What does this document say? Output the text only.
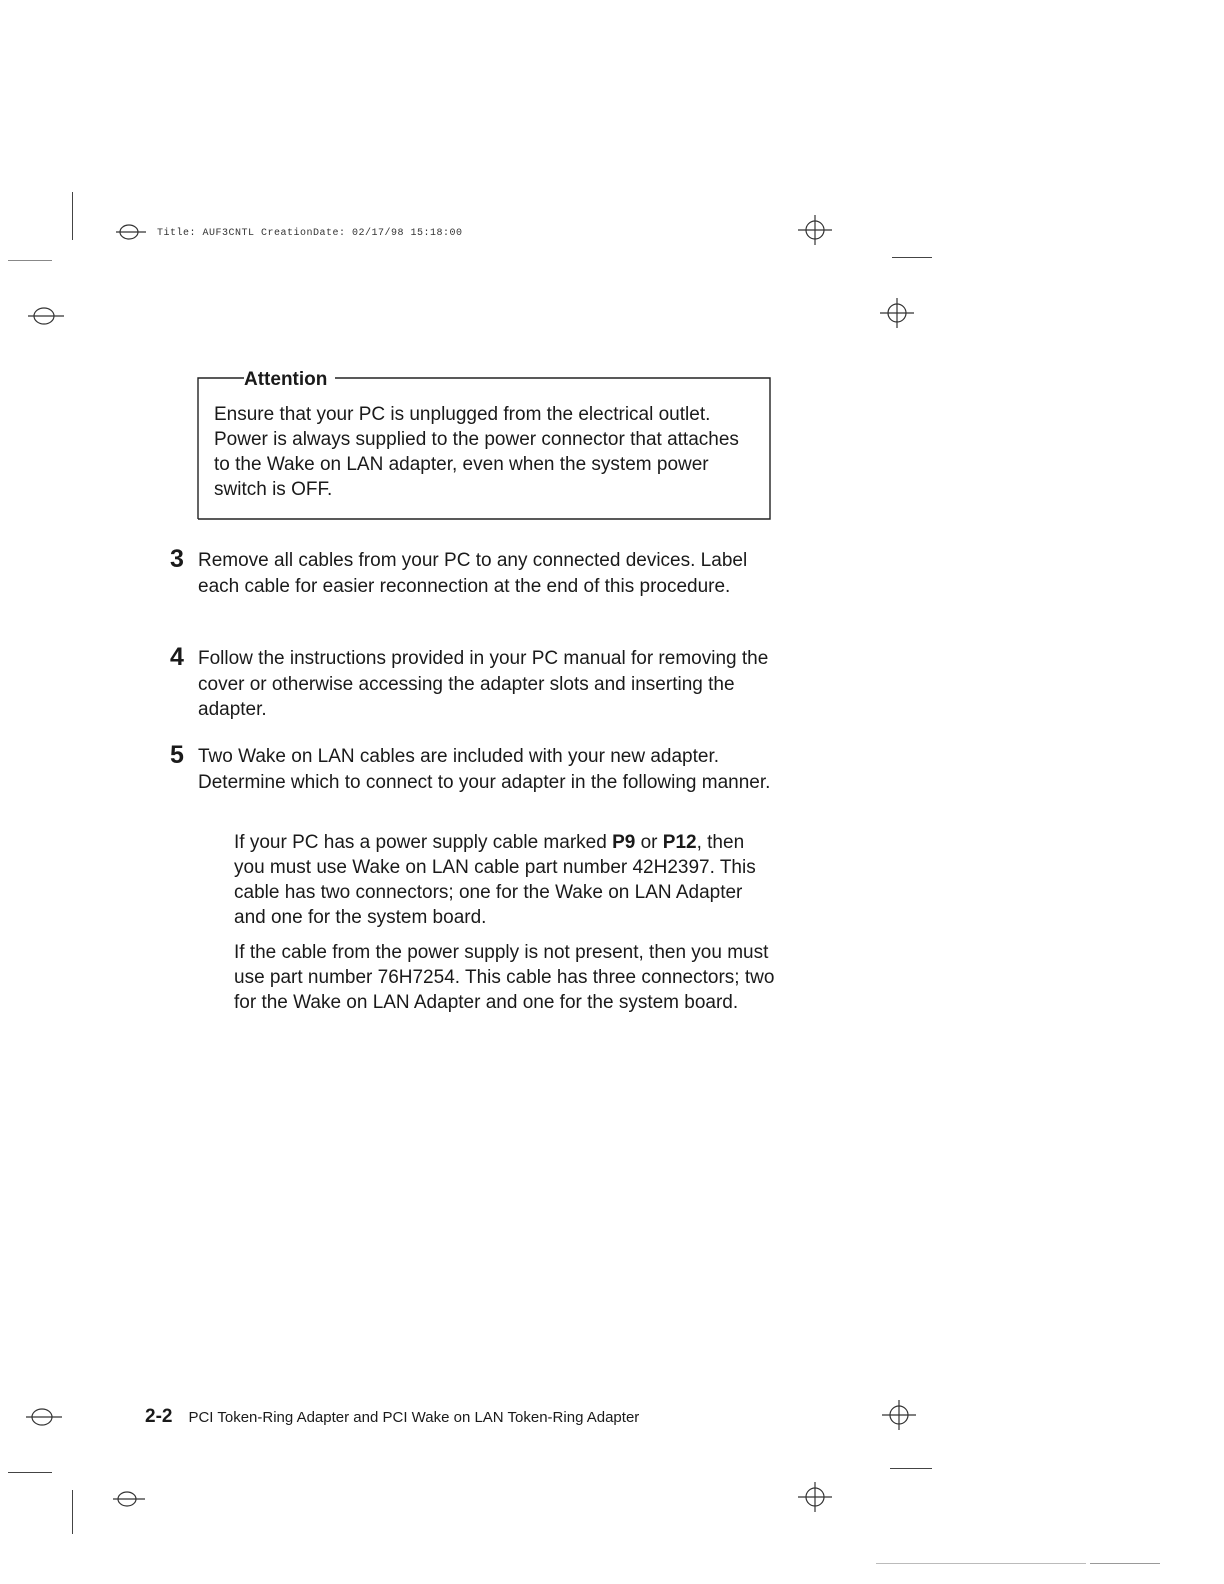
Title: AUF3CNTL CreationDate: 02/17/98 15:18:00
Attention
Ensure that your PC is unplugged from the electrical outlet. Power is always supplied to the power connector that attaches to the Wake on LAN adapter, even when the system power switch is OFF.
3 Remove all cables from your PC to any connected devices. Label each cable for easier reconnection at the end of this procedure.
4 Follow the instructions provided in your PC manual for removing the cover or otherwise accessing the adapter slots and inserting the adapter.
5 Two Wake on LAN cables are included with your new adapter. Determine which to connect to your adapter in the following manner.
If your PC has a power supply cable marked P9 or P12, then you must use Wake on LAN cable part number 42H2397. This cable has two connectors; one for the Wake on LAN Adapter and one for the system board.
If the cable from the power supply is not present, then you must use part number 76H7254. This cable has three connectors; two for the Wake on LAN Adapter and one for the system board.
2-2 PCI Token-Ring Adapter and PCI Wake on LAN Token-Ring Adapter
